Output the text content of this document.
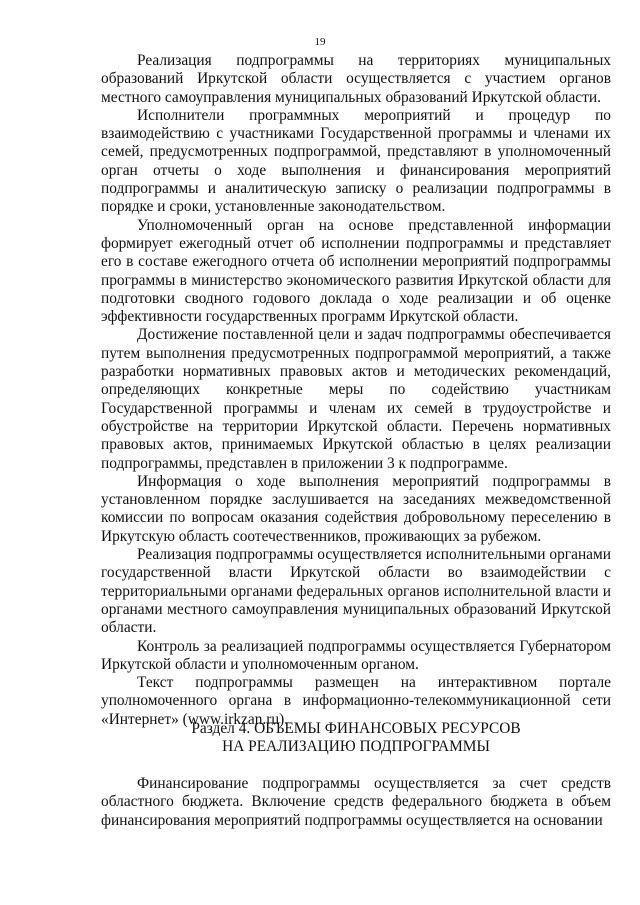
19

Реализация подпрограммы на территориях муниципальных образований Иркутской области осуществляется с участием органов местного самоуправления муниципальных образований Иркутской области.

Исполнители программных мероприятий и процедур по взаимодействию с участниками Государственной программы и членами их семей, предусмотренных подпрограммой, представляют в уполномоченный орган отчеты о ходе выполнения и финансирования мероприятий подпрограммы и аналитическую записку о реализации подпрограммы в порядке и сроки, установленные законодательством.

Уполномоченный орган на основе представленной информации формирует ежегодный отчет об исполнении подпрограммы и представляет его в составе ежегодного отчета об исполнении мероприятий подпрограммы программы в министерство экономического развития Иркутской области для подготовки сводного годового доклада о ходе реализации и об оценке эффективности государственных программ Иркутской области.

Достижение поставленной цели и задач подпрограммы обеспечивается путем выполнения предусмотренных подпрограммой мероприятий, а также разработки нормативных правовых актов и методических рекомендаций, определяющих конкретные меры по содействию участникам Государственной программы и членам их семей в трудоустройстве и обустройстве на территории Иркутской области. Перечень нормативных правовых актов, принимаемых Иркутской областью в целях реализации подпрограммы, представлен в приложении 3 к подпрограмме.

Информация о ходе выполнения мероприятий подпрограммы в установленном порядке заслушивается на заседаниях межведомственной комиссии по вопросам оказания содействия добровольному переселению в Иркутскую область соотечественников, проживающих за рубежом.

Реализация подпрограммы осуществляется исполнительными органами государственной власти Иркутской области во взаимодействии с территориальными органами федеральных органов исполнительной власти и органами местного самоуправления муниципальных образований Иркутской области.

Контроль за реализацией подпрограммы осуществляется Губернатором Иркутской области и уполномоченным органом.

Текст подпрограммы размещен на интерактивном портале уполномоченного органа в информационно-телекоммуникационной сети «Интернет» (www.irkzan.ru).

Раздел 4. ОБЪЕМЫ ФИНАНСОВЫХ РЕСУРСОВ
НА РЕАЛИЗАЦИЮ ПОДПРОГРАММЫ

Финансирование подпрограммы осуществляется за счет средств областного бюджета. Включение средств федерального бюджета в объем финансирования мероприятий подпрограммы осуществляется на основании
